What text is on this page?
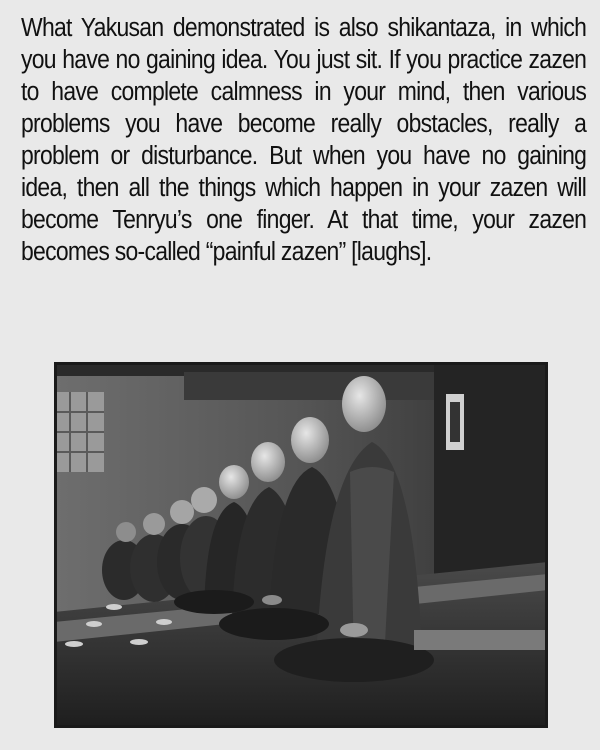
What Yakusan demonstrated is also shikantaza, in which you have no gaining idea. You just sit. If you practice zazen to have complete calmness in your mind, then various problems you have become really obstacles, really a problem or disturbance. But when you have no gaining idea, then all the things which happen in your zazen will become Tenryu’s one finger. At that time, your zazen becomes so-called “painful zazen” [laughs].
